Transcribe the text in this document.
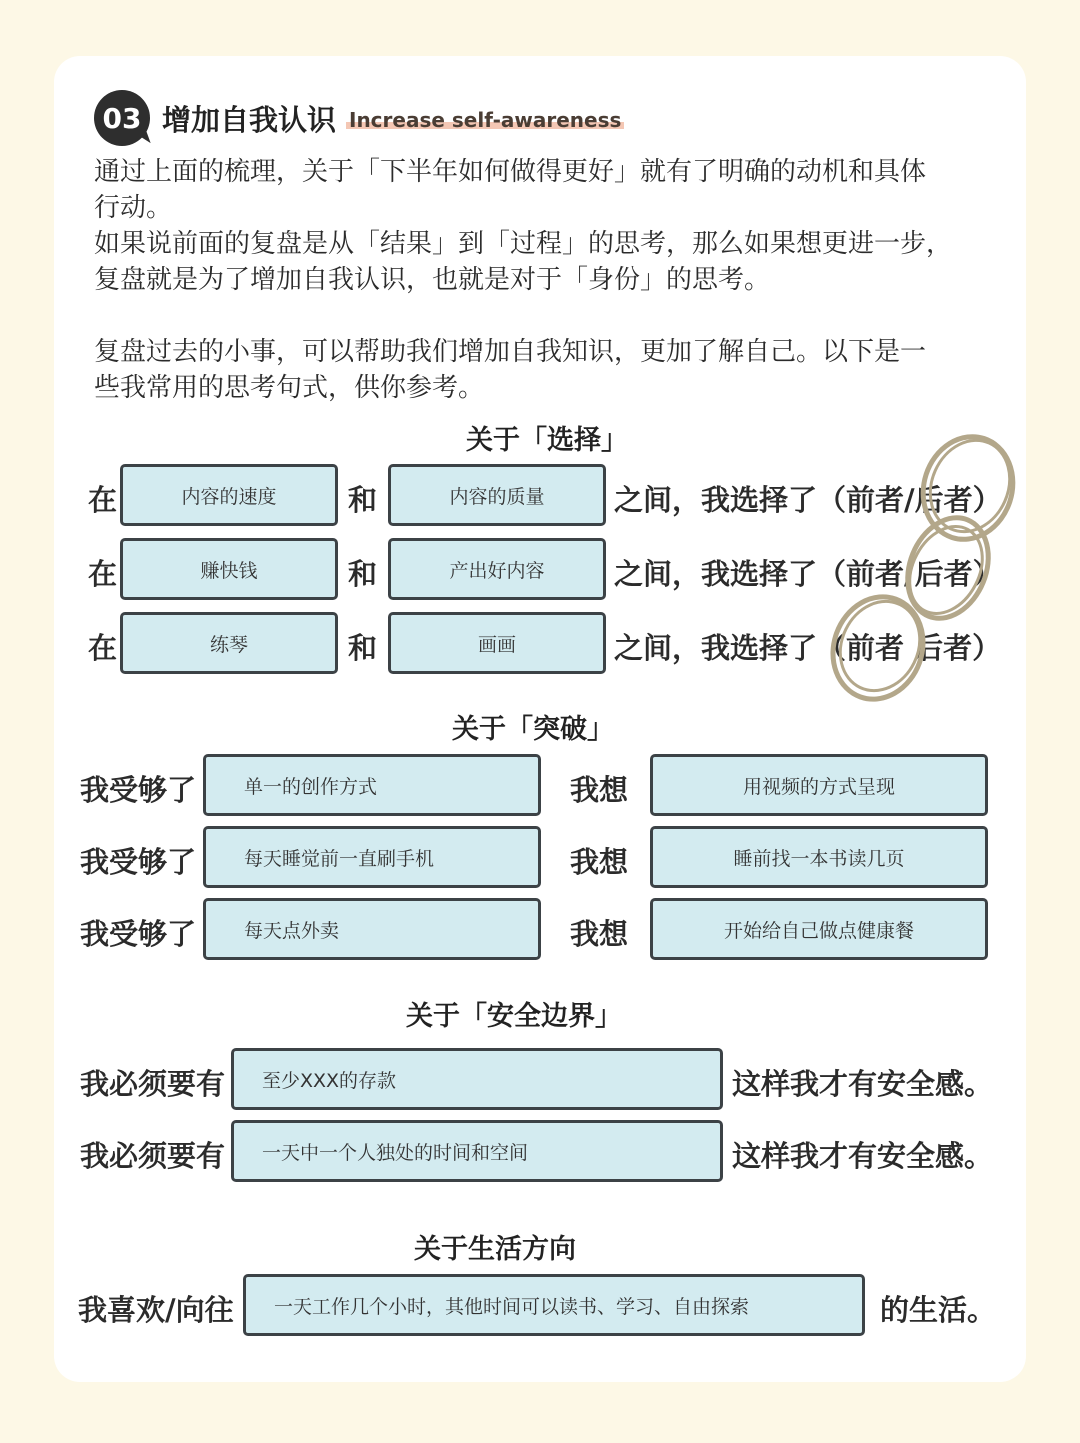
03 增加自我认识 Increase self-awareness
通过上面的梳理，关于「下半年如何做得更好」就有了明确的动机和具体
行动。
如果说前面的复盘是从「结果」到「过程」的思考，那么如果想更进一步，
复盘就是为了增加自我认识，也就是对于「身份」的思考。
复盘过去的小事，可以帮助我们增加自我知识，更加了解自己。以下是一
些我常用的思考句式，供你参考。
关于「选择」
在	内容的速度	和	内容的质量	之间，我选择了（前者/后者）
在	赚快钱	和	产出好内容	之间，我选择了（前者/后者）
在	练琴	和	画画	之间，我选择了（前者 后者）
关于「突破」
我受够了	单一的创作方式	我想	用视频的方式呈现
我受够了	每天睡觉前一直刷手机	我想	睡前找一本书读几页
我受够了	每天点外卖	我想	开始给自己做点健康餐
关于「安全边界」
我必须要有	至少XXX的存款	这样我才有安全感。
我必须要有	一天中一个人独处的时间和空间	这样我才有安全感。
关于生活方向
我喜欢/向往	一天工作几个小时，其他时间可以读书、学习、自由探索	的生活。
